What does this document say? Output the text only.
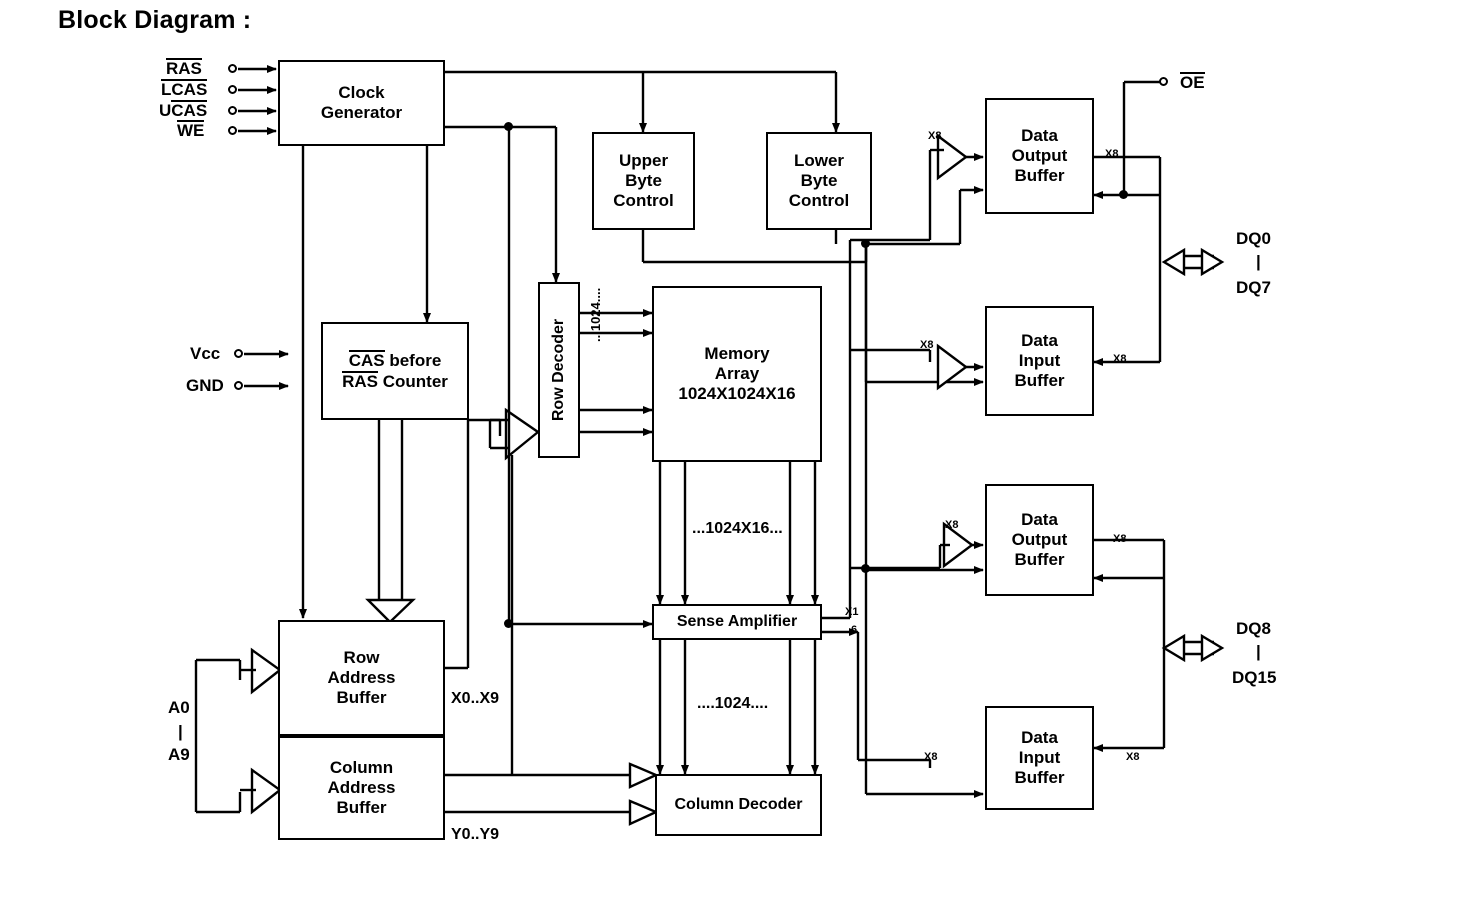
Block Diagram :
RAS
LCAS
UCAS
WE
Vcc
GND
OE
A0
|
A9
DQ0
|
DQ7
DQ8
|
DQ15
Clock
Generator
Upper
Byte
Control
Lower
Byte
Control
CAS before
RAS Counter	Row Decoder	Memory
Array
1024X1024X16
Sense Amplifier
Column Decoder
Row
Address
Buffer
Column
Address
Buffer
Data
Output
Buffer
Data
Input
Buffer
Data
Output
Buffer
Data
Input
Buffer
...1024....
...1024X16...
....1024....
X0..X9
Y0..Y9
X1
6
X8
X8
X8
X8
X8
X8
X8	X8
